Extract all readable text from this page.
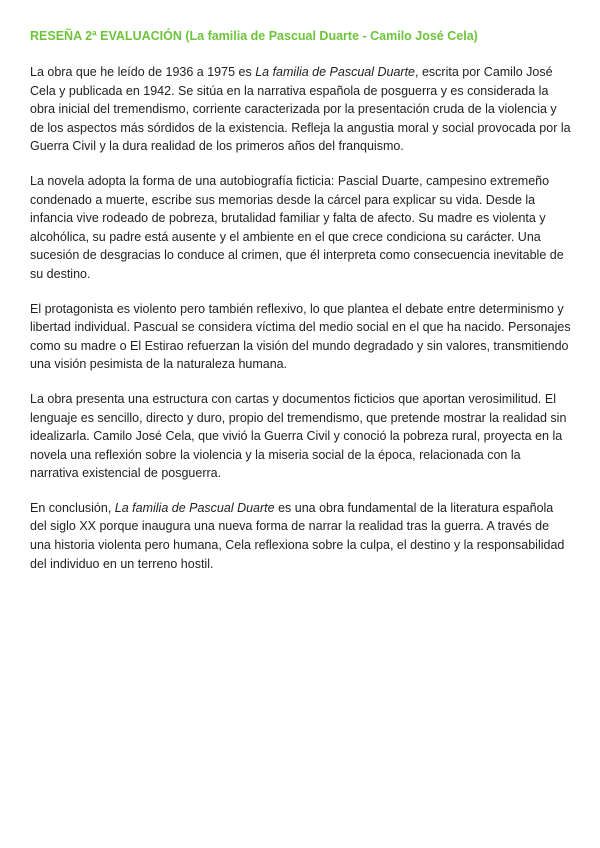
RESEÑA 2ª EVALUACIÓN (La familia de Pascual Duarte - Camilo José Cela)

La obra que he leído de 1936 a 1975 es La familia de Pascual Duarte, escrita por Camilo José Cela y publicada en 1942. Se sitúa en la narrativa española de posguerra y es considerada la obra inicial del tremendismo, corriente caracterizada por la presentación cruda de la violencia y de los aspectos más sórdidos de la existencia. Refleja la angustia moral y social provocada por la Guerra Civil y la dura realidad de los primeros años del franquismo.

La novela adopta la forma de una autobiografía ficticia: Pascial Duarte, campesino extremeño condenado a muerte, escribe sus memorias desde la cárcel para explicar su vida. Desde la infancia vive rodeado de pobreza, brutalidad familiar y falta de afecto. Su madre es violenta y alcohólica, su padre está ausente y el ambiente en el que crece condiciona su carácter. Una sucesión de desgracias lo conduce al crimen, que él interpreta como consecuencia inevitable de su destino.

El protagonista es violento pero también reflexivo, lo que plantea el debate entre determinismo y libertad individual. Pascual se considera víctima del medio social en el que ha nacido. Personajes como su madre o El Estirao refuerzan la visión del mundo degradado y sin valores, transmitiendo una visión pesimista de la naturaleza humana.

La obra presenta una estructura con cartas y documentos ficticios que aportan verosimilitud. El lenguaje es sencillo, directo y duro, propio del tremendismo, que pretende mostrar la realidad sin idealizarla. Camilo José Cela, que vivió la Guerra Civil y conoció la pobreza rural, proyecta en la novela una reflexión sobre la violencia y la miseria social de la época, relacionada con la narrativa existencial de posguerra.

En conclusión, La familia de Pascual Duarte es una obra fundamental de la literatura española del siglo XX porque inaugura una nueva forma de narrar la realidad tras la guerra. A través de una historia violenta pero humana, Cela reflexiona sobre la culpa, el destino y la responsabilidad del individuo en un terreno hostil.
